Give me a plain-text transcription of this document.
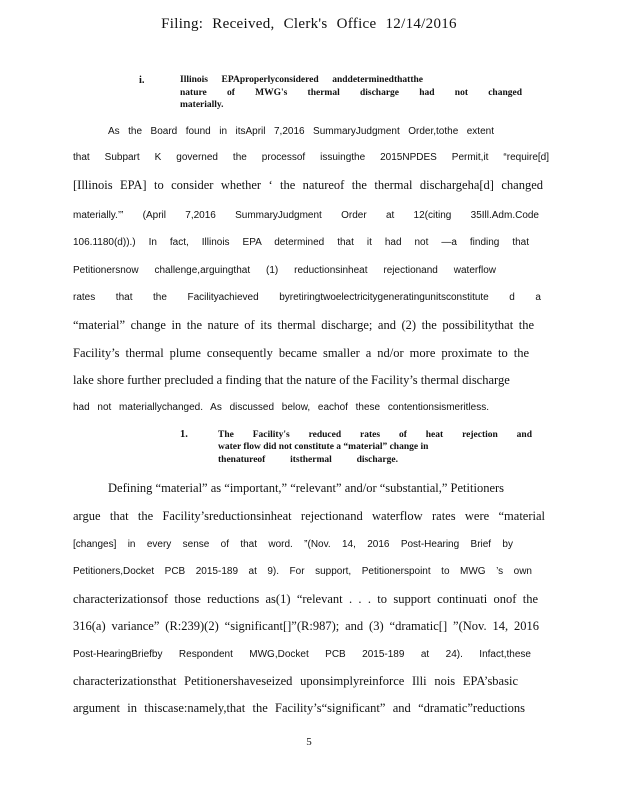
Filing: Received, Clerk's Office 12/14/2016
i.	Illinois EPAproperlyconsidered anddeterminedthatthe
nature of MWG's thermal discharge had not changed
materially.
As the Board found in itsApril 7,2016 SummaryJudgment Order,tothe extent
that Subpart K governed the processof issuingthe 2015NPDES Permit,it “require[d]
[Illinois EPA] to consider whether ‘ the natureof the thermal dischargeha[d] changed
materially.’” (April 7,2016 SummaryJudgment Order at 12(citing 35Ill.Adm.Code
106.1180(d)).) In fact, Illinois EPA determined that it had not —a finding that
Petitionersnow challenge,arguingthat (1) reductionsinheat rejectionand waterflow
rates that the Facilityachieved byretiringtwoelectricitygeneratingunitsconstitute d a
“material” change in the nature of its thermal discharge; and (2) the possibilitythat the
Facility’s thermal plume consequently became smaller a nd/or more proximate to the
lake shore further precluded a finding that the nature of the Facility’s thermal discharge
had not materiallychanged. As discussed below, eachof these contentionsismeritless.
1.	The Facility's reduced rates of heat rejection and
water flow did not constitute a “material” change in
thenatureof itsthermal discharge.
Defining “material” as “important,” “relevant” and/or “substantial,” Petitioners
argue that the Facility’sreductionsinheat rejectionand waterflow rates were “material
[changes] in every sense of that word. ”(Nov. 14, 2016 Post-Hearing Brief by
Petitioners,Docket PCB 2015-189 at 9). For support, Petitionerspoint to MWG ’s own
characterizationsof those reductions as(1) “relevant . . . to support continuati onof the
316(a) variance” (R:239)(2) “significant[]”(R:987); and (3) “dramatic[] ”(Nov. 14, 2016
Post-HearingBriefby Respondent MWG,Docket PCB 2015-189 at 24). Infact,these
characterizationsthat Petitionershaveseized uponsimplyreinforce Illi nois EPA’sbasic
argument in thiscase:namely,that the Facility’s“significant” and “dramatic”reductions
5
